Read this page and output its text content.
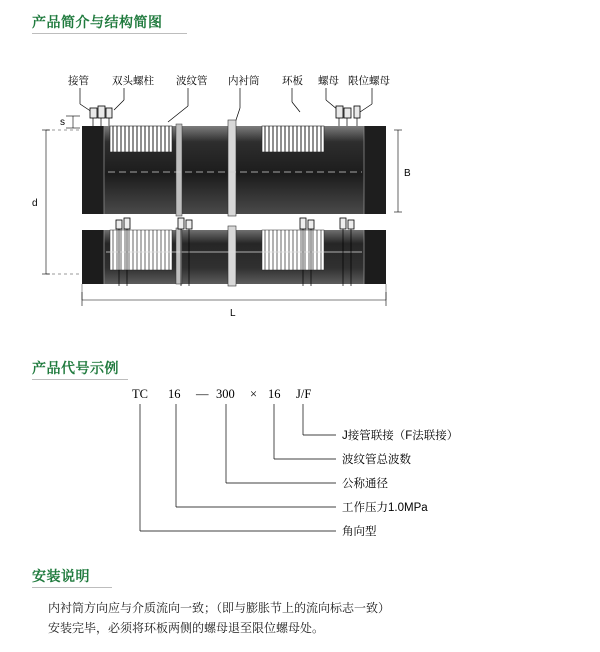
产品简介与结构简图
接管 双头螺柱 波纹管 内衬筒 环板 螺母 限位螺母
s
d
B
L
产品代号示例
TC 16 — 300 × 16 J/F
J接管联接（F法联接）
波纹管总波数
公称通径
工作压力1.0MPa
角向型
安装说明
内衬筒方向应与介质流向一致；（即与膨胀节上的流向标志一致）
安装完毕，必须将环板两侧的螺母退至限位螺母处。
